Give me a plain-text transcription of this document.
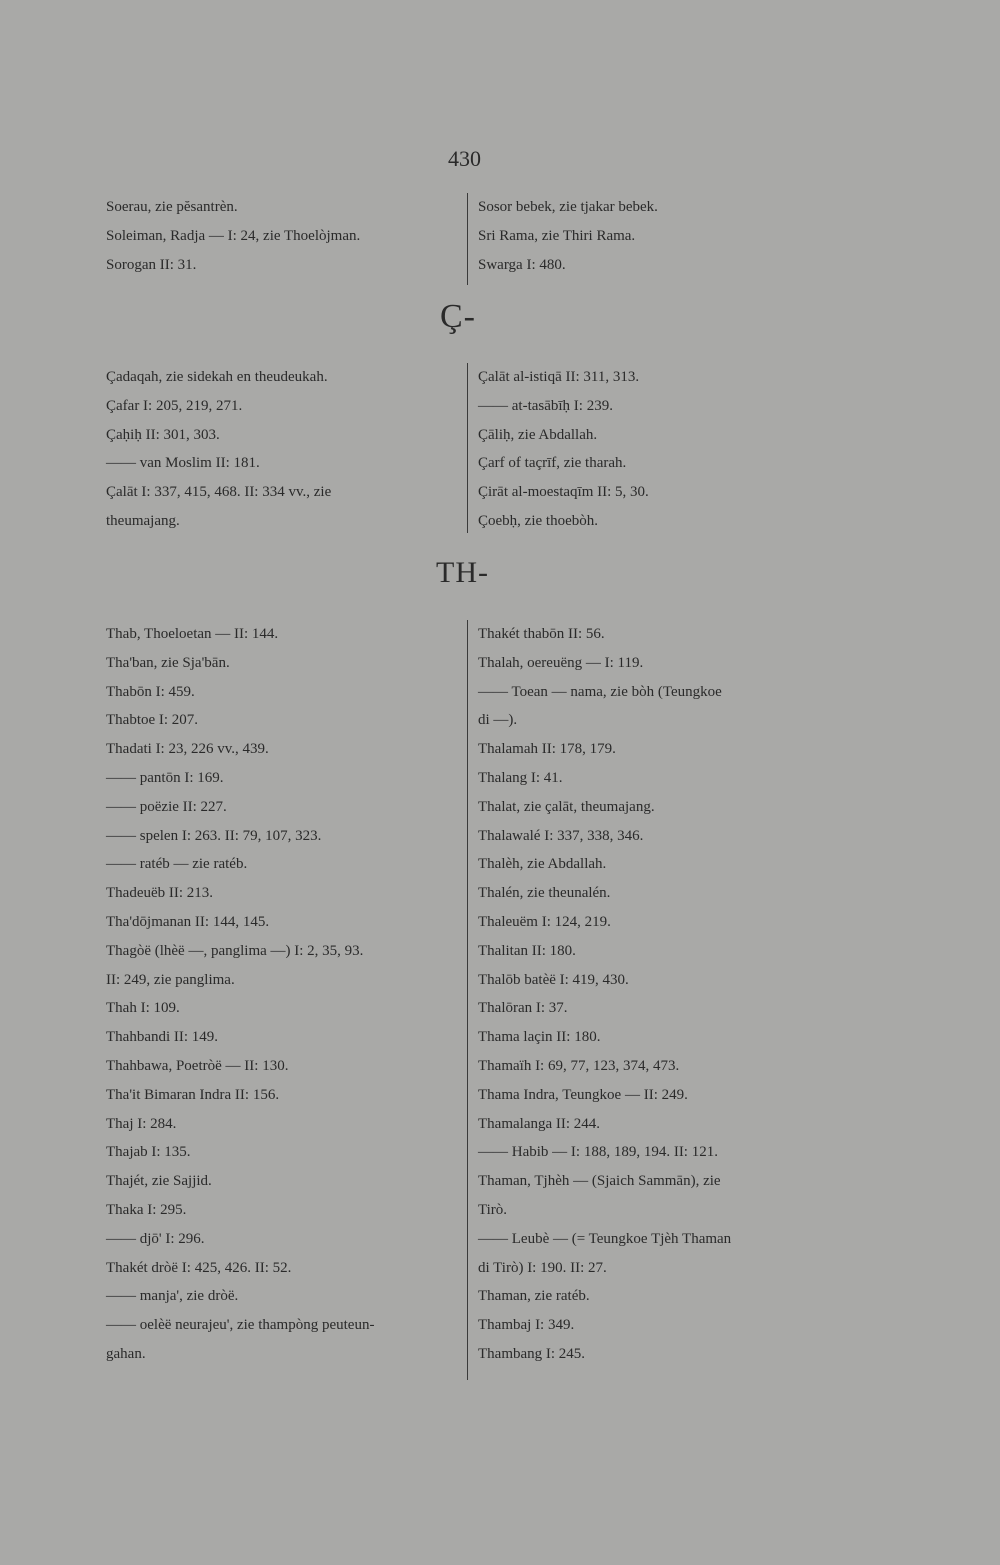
430

Soerau, zie pĕsantrèn.

Soleiman, Radja — I: 24, zie Thoelòjman.

Sorogan II: 31.

Sosor bebek, zie tjakar bebek.

Sri Rama, zie Thiri Rama.

Swarga I: 480.

Ç-

Çadaqah, zie sidekah en theudeukah.

Çafar I: 205, 219, 271.

Çaḥiḥ II: 301, 303.

—— van Moslim II: 181.

Çalāt I: 337, 415, 468. II: 334 vv., zie

theumajang.

Çalāt al-istiqā II: 311, 313.

—— at-tasābīḥ I: 239.

Çāliḥ, zie Abdallah.

Çarf of taçrīf, zie tharah.

Çirāt al-moestaqīm II: 5, 30.

Çoebḥ, zie thoebòh.

TH-

Thab, Thoeloetan — II: 144.

Tha'ban, zie Sja'bān.

Thabōn I: 459.

Thabtoe I: 207.

Thadati I: 23, 226 vv., 439.

—— pantōn I: 169.

—— poëzie II: 227.

—— spelen I: 263. II: 79, 107, 323.

—— ratéb — zie ratéb.

Thadeuëb II: 213.

Tha'dōjmanan II: 144, 145.

Thagòë (lhèë —, panglima —) I: 2, 35, 93.

II: 249, zie panglima.

Thah I: 109.

Thahbandi II: 149.

Thahbawa, Poetròë — II: 130.

Tha'it Bimaran Indra II: 156.

Thaj I: 284.

Thajab I: 135.

Thajét, zie Sajjid.

Thaka I: 295.

—— djō' I: 296.

Thakét dròë I: 425, 426. II: 52.

—— manja', zie dròë.

—— oelèë neurajeu', zie thampòng peuteun-

gahan.

Thakét thabōn II: 56.

Thalah, oereuëng — I: 119.

—— Toean — nama, zie bòh (Teungkoe

di —).

Thalamah II: 178, 179.

Thalang I: 41.

Thalat, zie çalāt, theumajang.

Thalawalé I: 337, 338, 346.

Thalèh, zie Abdallah.

Thalén, zie theunalén.

Thaleuëm I: 124, 219.

Thalitan II: 180.

Thalōb batèë I: 419, 430.

Thalōran I: 37.

Thama laçin II: 180.

Thamaïh I: 69, 77, 123, 374, 473.

Thama Indra, Teungkoe — II: 249.

Thamalanga II: 244.

—— Habib — I: 188, 189, 194. II: 121.

Thaman, Tjhèh — (Sjaich Sammān), zie

Tirò.

—— Leubè — (= Teungkoe Tjèh Thaman

di Tirò) I: 190. II: 27.

Thaman, zie ratéb.

Thambaj I: 349.

Thambang I: 245.
